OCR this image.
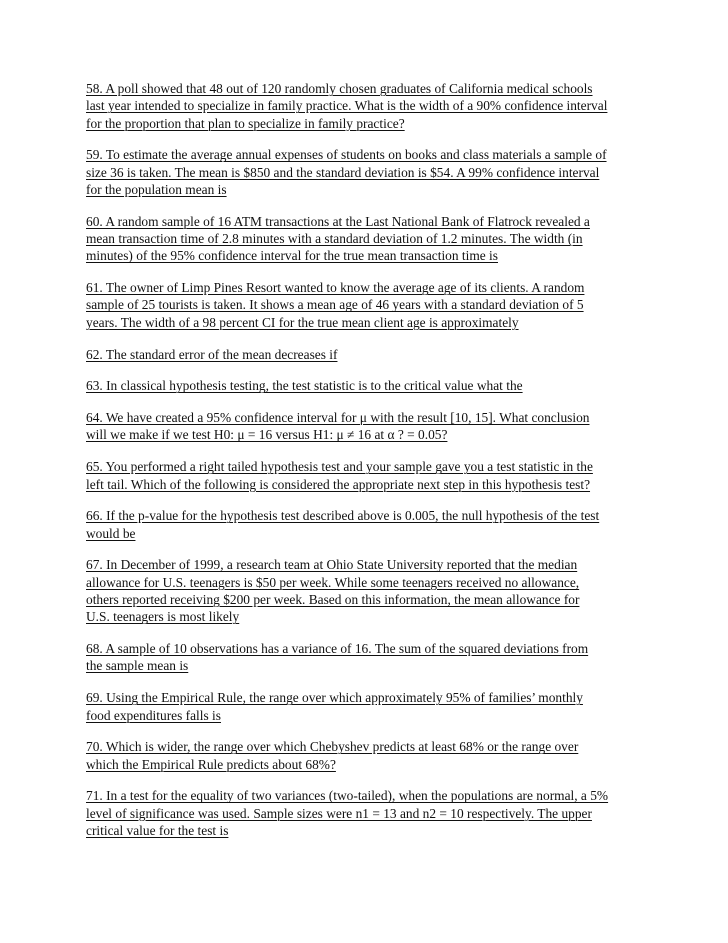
58. A poll showed that 48 out of 120 randomly chosen graduates of California medical schools
last year intended to specialize in family practice. What is the width of a 90% confidence interval
for the proportion that plan to specialize in family practice?
59. To estimate the average annual expenses of students on books and class materials a sample of
size 36 is taken. The mean is $850 and the standard deviation is $54. A 99% confidence interval
for the population mean is
60. A random sample of 16 ATM transactions at the Last National Bank of Flatrock revealed a
mean transaction time of 2.8 minutes with a standard deviation of 1.2 minutes. The width (in
minutes) of the 95% confidence interval for the true mean transaction time is
61. The owner of Limp Pines Resort wanted to know the average age of its clients. A random
sample of 25 tourists is taken. It shows a mean age of 46 years with a standard deviation of 5
years. The width of a 98 percent CI for the true mean client age is approximately
62. The standard error of the mean decreases if
63. In classical hypothesis testing, the test statistic is to the critical value what the
64. We have created a 95% confidence interval for μ with the result [10, 15]. What conclusion
will we make if we test H0: μ = 16 versus H1: μ ≠ 16 at α ? = 0.05?
65. You performed a right tailed hypothesis test and your sample gave you a test statistic in the
left tail. Which of the following is considered the appropriate next step in this hypothesis test?
66. If the p-value for the hypothesis test described above is 0.005, the null hypothesis of the test
would be
67. In December of 1999, a research team at Ohio State University reported that the median
allowance for U.S. teenagers is $50 per week. While some teenagers received no allowance,
others reported receiving $200 per week. Based on this information, the mean allowance for
U.S. teenagers is most likely
68. A sample of 10 observations has a variance of 16. The sum of the squared deviations from
the sample mean is
69. Using the Empirical Rule, the range over which approximately 95% of families’ monthly
food expenditures falls is
70. Which is wider, the range over which Chebyshev predicts at least 68% or the range over
which the Empirical Rule predicts about 68%?
71. In a test for the equality of two variances (two-tailed), when the populations are normal, a 5%
level of significance was used. Sample sizes were n1 = 13 and n2 = 10 respectively. The upper
critical value for the test is
